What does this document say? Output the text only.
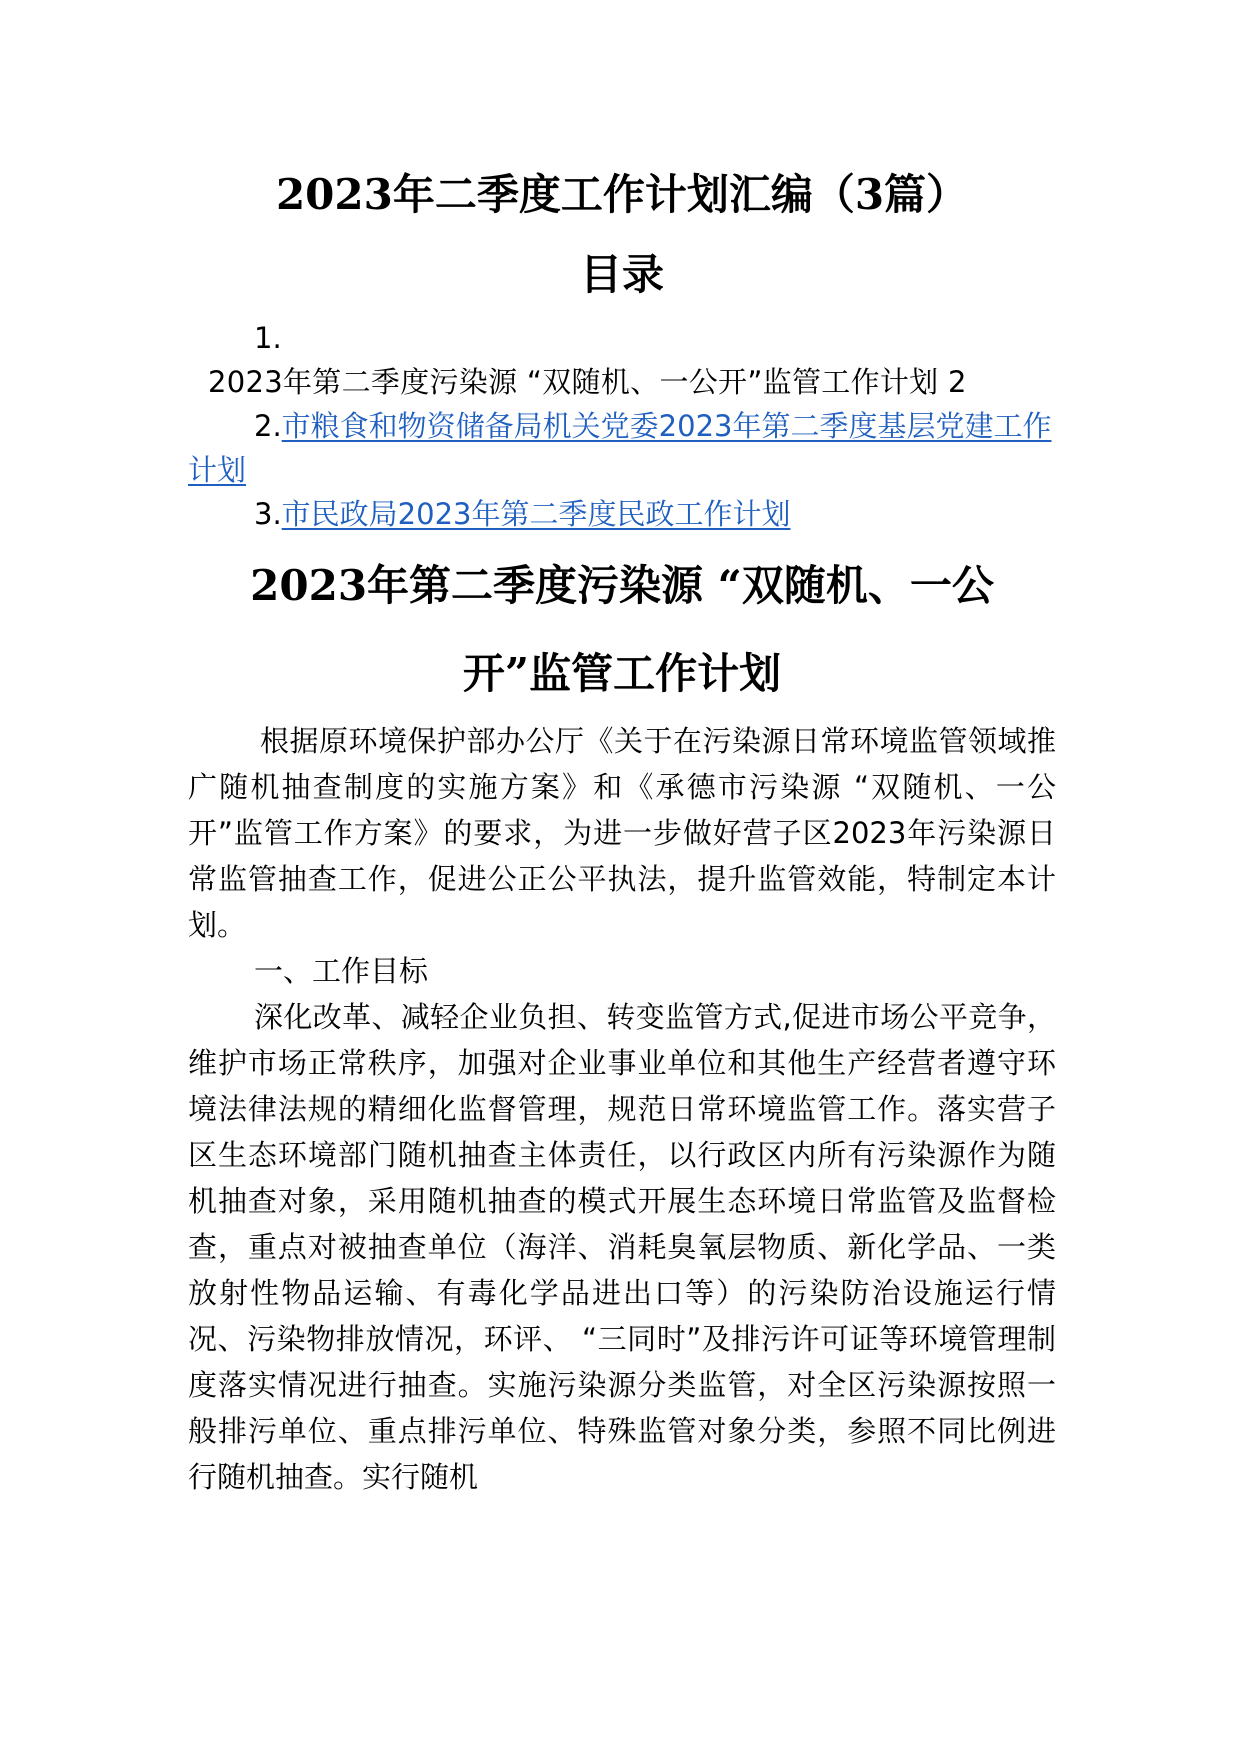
2023年二季度工作计划汇编（3篇）
目录

1.

2023年第二季度污染源 “双随机、一公开”监管工作计划 2

2.市粮食和物资储备局机关党委2023年第二季度基层党建工作计划

3.市民政局2023年第二季度民政工作计划

2023年第二季度污染源 “双随机、一公
开”监管工作计划

根据原环境保护部办公厅《关于在污染源日常环境监管领域推广随机抽查制度的实施方案》和《承德市污染源 “双随机、一公开”监管工作方案》的要求，为进一步做好营子区2023年污染源日常监管抽查工作，促进公正公平执法，提升监管效能，特制定本计划。

一、工作目标

深化改革、减轻企业负担、转变监管方式,促进市场公平竞争，维护市场正常秩序，加强对企业事业单位和其他生产经营者遵守环境法律法规的精细化监督管理，规范日常环境监管工作。落实营子区生态环境部门随机抽查主体责任，以行政区内所有污染源作为随机抽查对象，采用随机抽查的模式开展生态环境日常监管及监督检查，重点对被抽查单位（海洋、消耗臭氧层物质、新化学品、一类放射性物品运输、有毒化学品进出口等）的污染防治设施运行情况、污染物排放情况，环评、 “三同时”及排污许可证等环境管理制度落实情况进行抽查。实施污染源分类监管，对全区污染源按照一般排污单位、重点排污单位、特殊监管对象分类，参照不同比例进行随机抽查。实行随机
